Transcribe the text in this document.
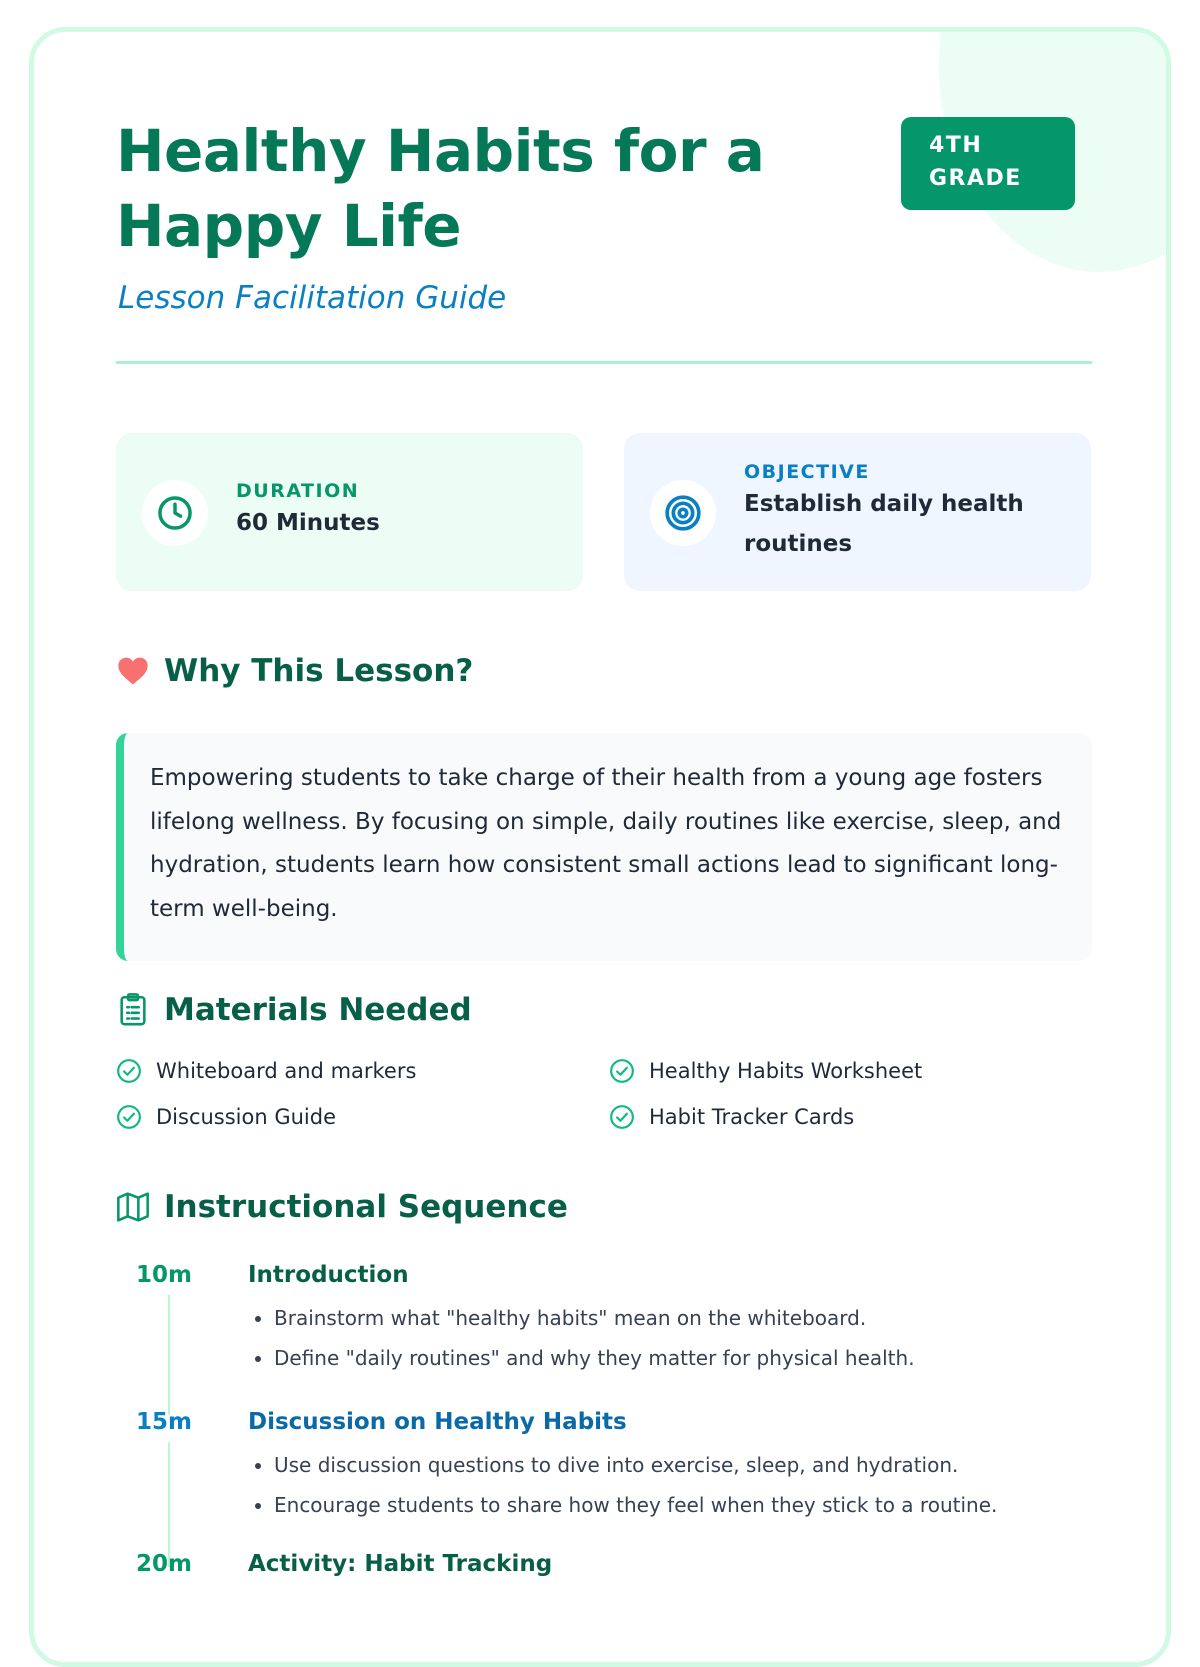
Healthy Habits for a Happy Life
Lesson Facilitation Guide
4TH GRADE
DURATION
60 Minutes
OBJECTIVE
Establish daily health routines
Why This Lesson?
Empowering students to take charge of their health from a young age fosters lifelong wellness. By focusing on simple, daily routines like exercise, sleep, and hydration, students learn how consistent small actions lead to significant long-term well-being.
Materials Needed
Whiteboard and markers	Healthy Habits Worksheet
Discussion Guide	Habit Tracker Cards
Instructional Sequence
10m Introduction
• Brainstorm what "healthy habits" mean on the whiteboard.
• Define "daily routines" and why they matter for physical health.
15m Discussion on Healthy Habits
• Use discussion questions to dive into exercise, sleep, and hydration.
• Encourage students to share how they feel when they stick to a routine.
20m Activity: Habit Tracking
